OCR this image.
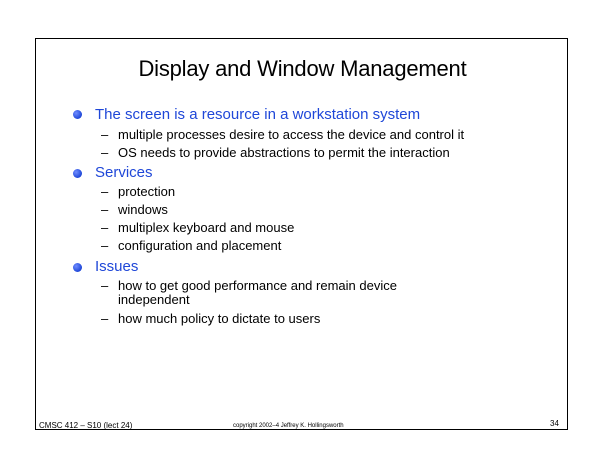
Display and Window Management
The screen is a resource in a workstation system
– multiple processes desire to access the device and control it
– OS needs to provide abstractions to permit the interaction
Services
– protection
– windows
– multiplex keyboard and mouse
– configuration and placement
Issues
– how to get good performance and remain device
independent
– how much policy to dictate to users
CMSC 412 – S10 (lect 24)	copyright 2002–4 Jeffrey K. Hollingsworth	34
